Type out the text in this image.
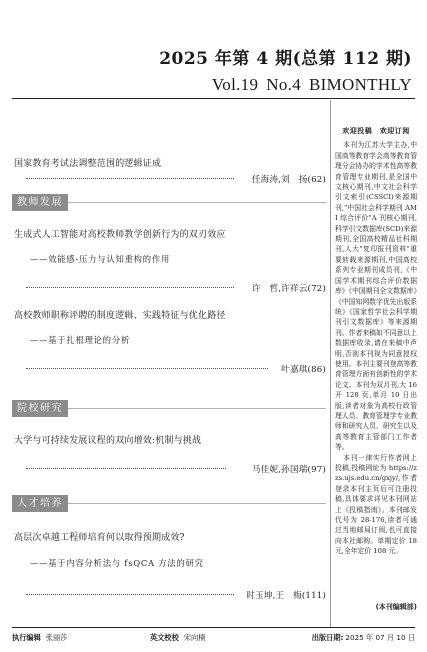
2025 年第 4 期(总第 112 期)
Vol.19 No.4 BIMONTHLY
国家教育考试法调整范围的逻辑证成
任海涛,刘　扬(62)
教师发展
生成式人工智能对高校教师教学创新行为的双刃效应
——效能感-压力与认知重构的作用
许　哲,许祥云(72)
高校教师职称评聘的制度逻辑、实践特征与优化路径
——基于扎根理论的分析
叶嘉琪(86)
院校研究
大学与可持续发展议程的双向增效:机制与挑战
马佳妮,孙国瑞(97)
人才培养
高层次卓越工程师培育何以取得预期成效?
——基于内容分析法与 fsQCA 方法的研究
时玉坤,王　梅(111)
欢迎投稿　欢迎订阅

本刊为江苏大学主办,中国高等教育学会高等教育管理分会协办的学术性高等教育管理专业期刊,是全国中文核心期刊,中文社会科学引文索引(CSSCI)来源期刊,"中国社会科学期刊 AMI 综合评价"A 刊核心期刊,科学引文数据库(SCD)来源期刊,全国高校精品社科期刊,人大"复印报刊资料"重要转载来源期刊,中国高校系列专业期刊成员刊,《中国学术期刊综合评价数据库》《中国期刊全文数据库》《中国知网数字优先出版系统》《国家哲学社会科学期刊引文数据库》等来源期刊。作者来稿如不同意以上数据库收录,请在来稿中声明,否则本刊视为同意授权使用。本刊主要刊登高等教育管理方面有创新性的学术论文。本刊为双月刊,大 16 开 128 页,单月 10 日出版,读者对象为高校行政管理人员、教育管理学专业教师和研究人员、研究生以及高等教育主管部门工作者等。

本刊一律实行作者网上投稿,投稿网址为 https://zzs.ujs.edu.cn/gxjy/,作者登录本刊主页后可注册投稿,具体要求详见本刊网站上《投稿指南》。本刊邮发代号为 28-176,读者可通过当地邮局订阅,也可直接向本社邮购。单期定价 18 元,全年定价 108 元。

(本刊编辑部)
执行编辑 张丽莎	英文校校 宋向楠	出版日期: 2025 年 07 月 10 日
